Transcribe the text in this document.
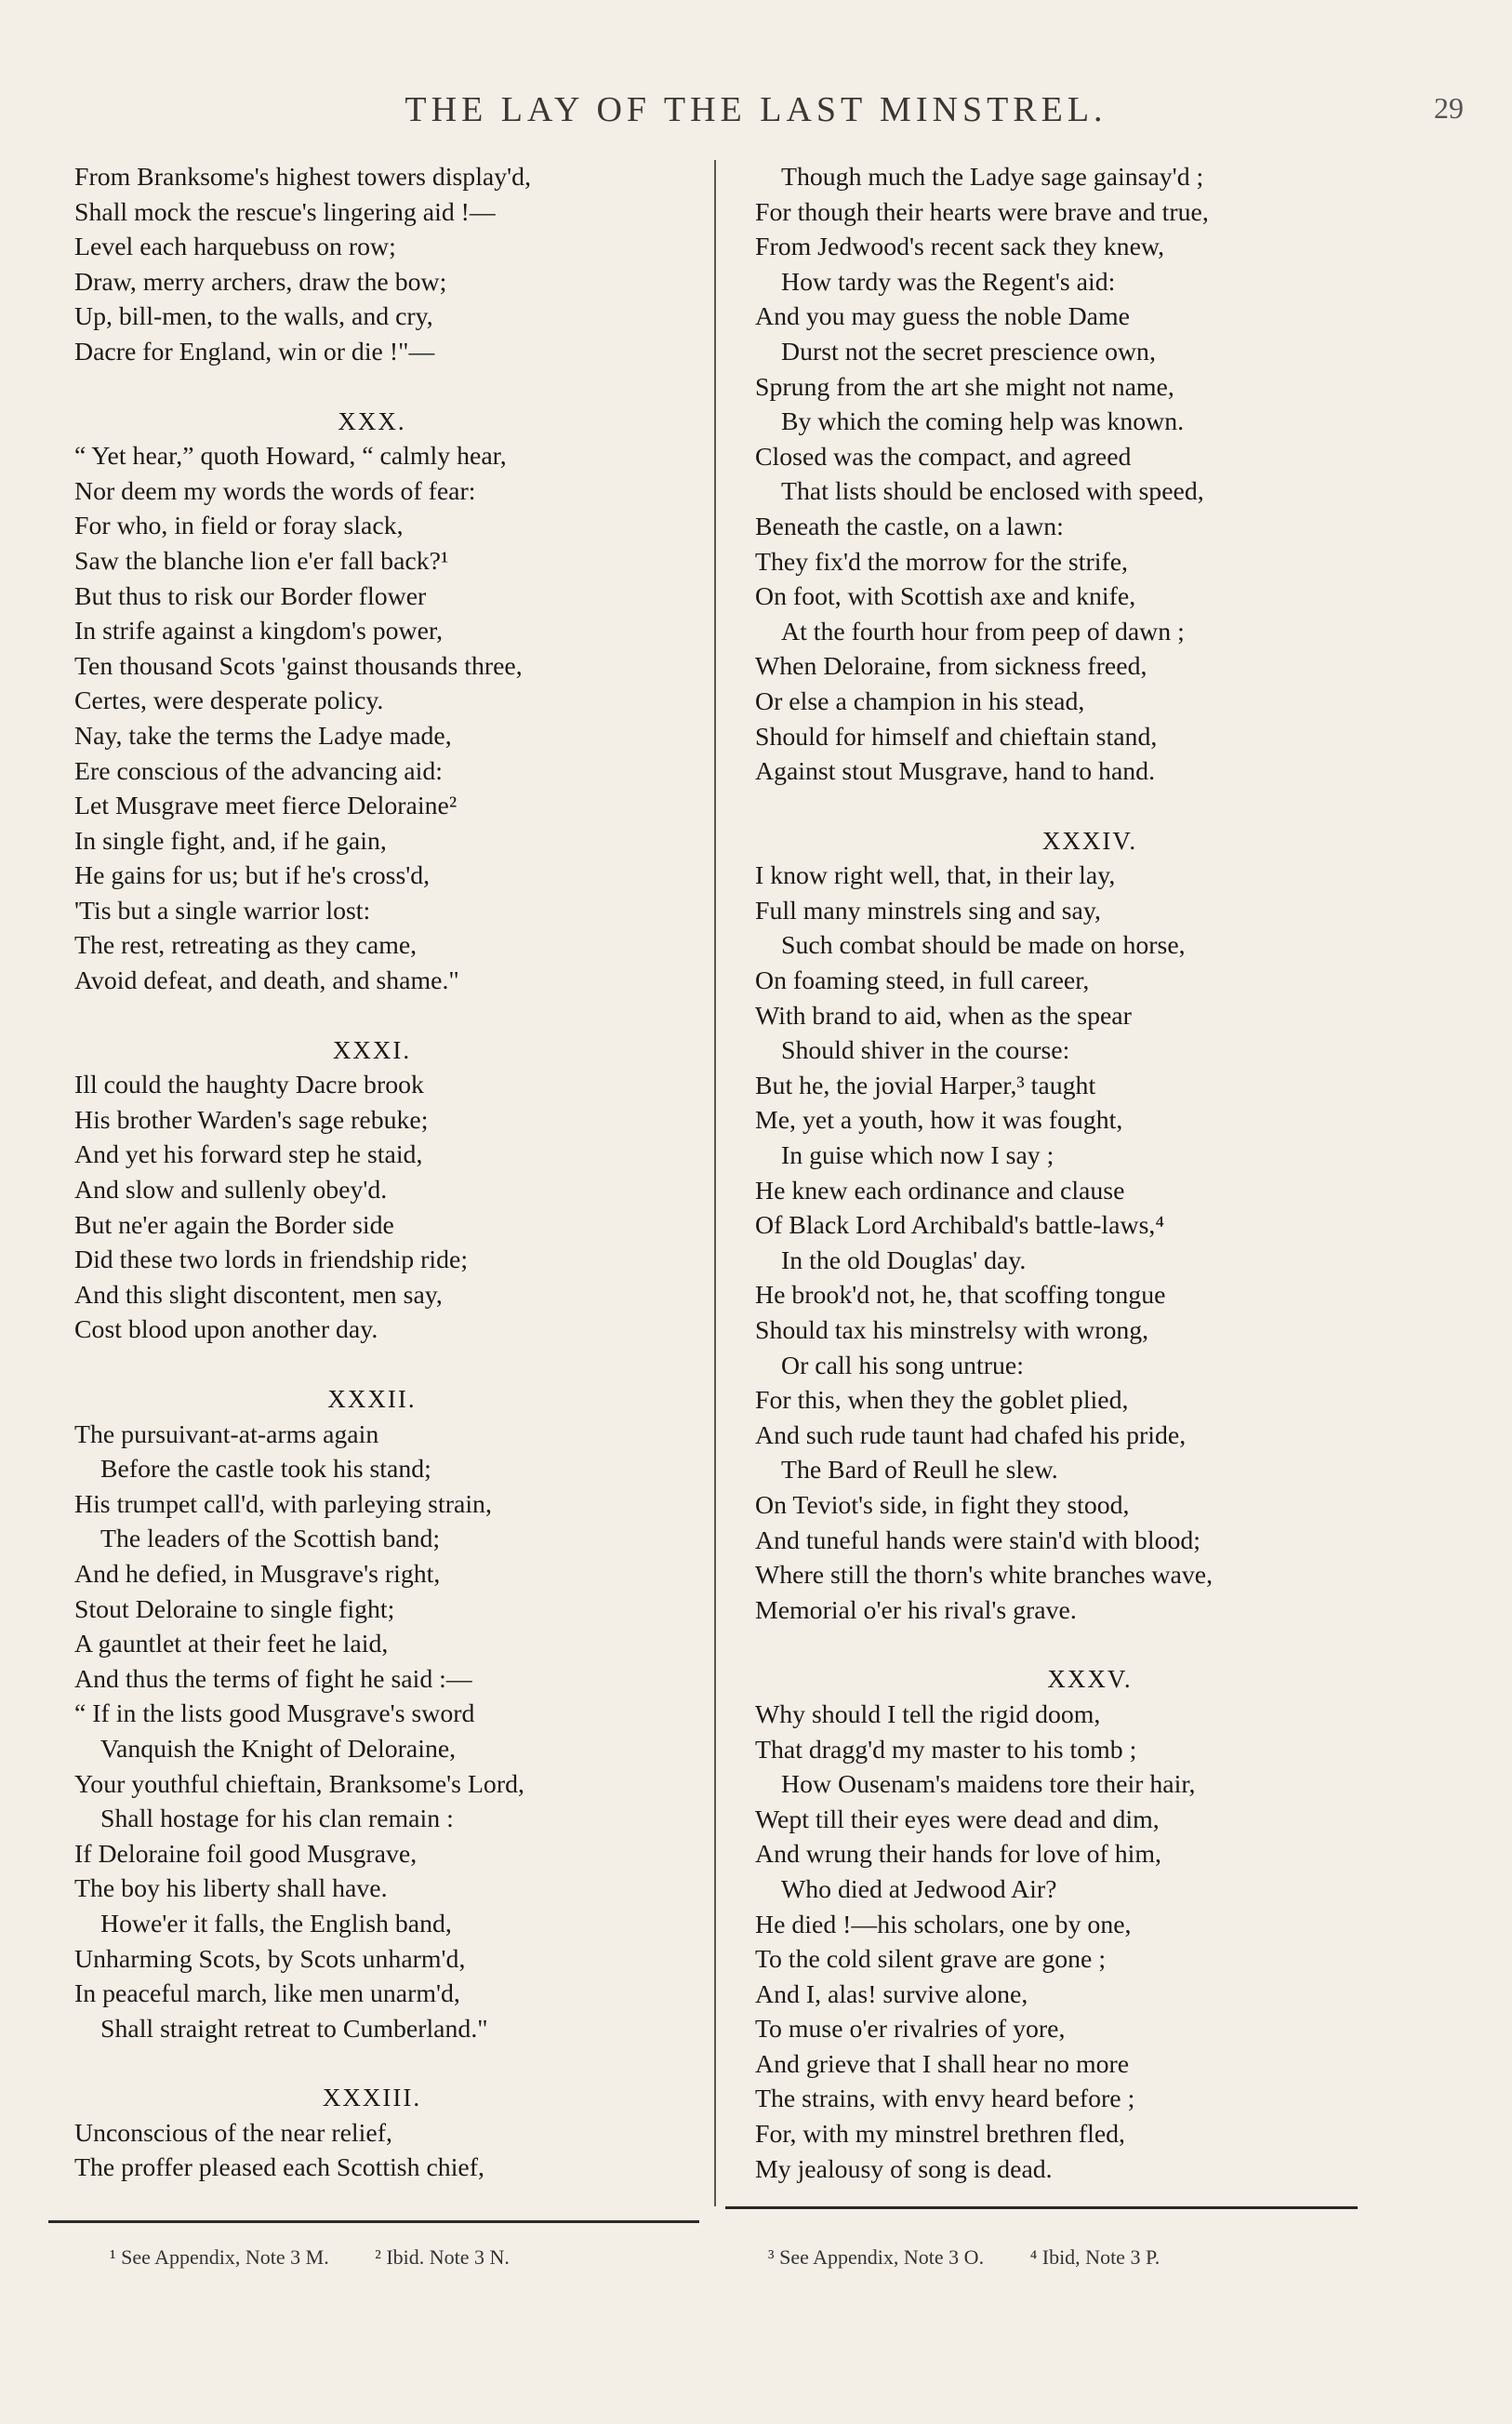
THE LAY OF THE LAST MINSTREL.	29
From Branksome's highest towers display'd,
Shall mock the rescue's lingering aid !—
Level each harquebuss on row;
Draw, merry archers, draw the bow;
Up, bill-men, to the walls, and cry,
Dacre for England, win or die !"—
XXX.
“ Yet hear,” quoth Howard, “ calmly hear,
Nor deem my words the words of fear:
For who, in field or foray slack,
Saw the blanche lion e'er fall back?¹
But thus to risk our Border flower
In strife against a kingdom's power,
Ten thousand Scots 'gainst thousands three,
Certes, were desperate policy.
Nay, take the terms the Ladye made,
Ere conscious of the advancing aid:
Let Musgrave meet fierce Deloraine²
In single fight, and, if he gain,
He gains for us; but if he's cross'd,
'Tis but a single warrior lost:
The rest, retreating as they came,
Avoid defeat, and death, and shame."
XXXI.
Ill could the haughty Dacre brook
His brother Warden's sage rebuke;
And yet his forward step he staid,
And slow and sullenly obey'd.
But ne'er again the Border side
Did these two lords in friendship ride;
And this slight discontent, men say,
Cost blood upon another day.
XXXII.
The pursuivant-at-arms again
Before the castle took his stand;
His trumpet call'd, with parleying strain,
The leaders of the Scottish band;
And he defied, in Musgrave's right,
Stout Deloraine to single fight;
A gauntlet at their feet he laid,
And thus the terms of fight he said :—
“ If in the lists good Musgrave's sword
Vanquish the Knight of Deloraine,
Your youthful chieftain, Branksome's Lord,
Shall hostage for his clan remain :
If Deloraine foil good Musgrave,
The boy his liberty shall have.
Howe'er it falls, the English band,
Unharming Scots, by Scots unharm'd,
In peaceful march, like men unarm'd,
Shall straight retreat to Cumberland."
XXXIII.
Unconscious of the near relief,
The proffer pleased each Scottish chief,
Though much the Ladye sage gainsay'd ;
For though their hearts were brave and true,
From Jedwood's recent sack they knew,
How tardy was the Regent's aid:
And you may guess the noble Dame
Durst not the secret prescience own,
Sprung from the art she might not name,
By which the coming help was known.
Closed was the compact, and agreed
That lists should be enclosed with speed,
Beneath the castle, on a lawn:
They fix'd the morrow for the strife,
On foot, with Scottish axe and knife,
At the fourth hour from peep of dawn ;
When Deloraine, from sickness freed,
Or else a champion in his stead,
Should for himself and chieftain stand,
Against stout Musgrave, hand to hand.
XXXIV.
I know right well, that, in their lay,
Full many minstrels sing and say,
Such combat should be made on horse,
On foaming steed, in full career,
With brand to aid, when as the spear
Should shiver in the course:
But he, the jovial Harper,³ taught
Me, yet a youth, how it was fought,
In guise which now I say ;
He knew each ordinance and clause
Of Black Lord Archibald's battle-laws,⁴
In the old Douglas' day.
He brook'd not, he, that scoffing tongue
Should tax his minstrelsy with wrong,
Or call his song untrue:
For this, when they the goblet plied,
And such rude taunt had chafed his pride,
The Bard of Reull he slew.
On Teviot's side, in fight they stood,
And tuneful hands were stain'd with blood;
Where still the thorn's white branches wave,
Memorial o'er his rival's grave.
XXXV.
Why should I tell the rigid doom,
That dragg'd my master to his tomb ;
How Ousenam's maidens tore their hair,
Wept till their eyes were dead and dim,
And wrung their hands for love of him,
Who died at Jedwood Air?
He died !—his scholars, one by one,
To the cold silent grave are gone ;
And I, alas! survive alone,
To muse o'er rivalries of yore,
And grieve that I shall hear no more
The strains, with envy heard before ;
For, with my minstrel brethren fled,
My jealousy of song is dead.
¹ See Appendix, Note 3 M. ² Ibid. Note 3 N.	³ See Appendix, Note 3 O. ⁴ Ibid, Note 3 P.
